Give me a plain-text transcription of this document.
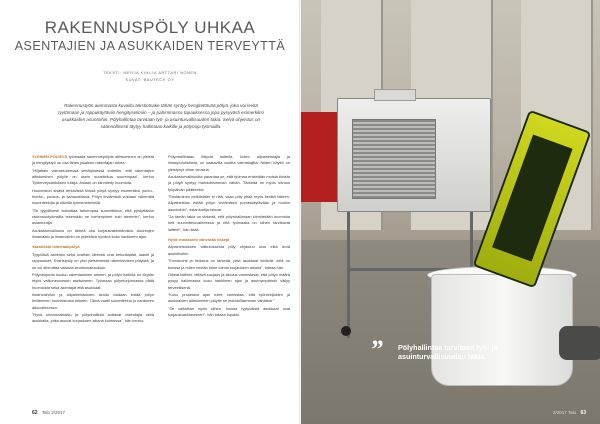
RAKENNUSPÖLY UHKAA
ASENTAJIEN JA ASUKKAIDEN TERVEYTTÄ
TEKSTI: MERJA KIHLJA ARTTARI NONEN
KUVAT: BAUTECH OY
Rakennustyön aiemmasta kuvailtu tekstiotsake tähän syntyy hengitettävää pölyä, joka voi levitä tyytömaan ja rappukäytäviin hengityselimiin – ja pahimmassa tapauksessa jopa pysyvästi esimerkiksi asukkaiden asuntoihin. Pölyhallintaa tarvitaan työ- ja asuinturvallisuuden takia. Selvä ohjeistus on säännöllisesti täytyy hallintaan kaikille ja pölynoja työmailla.

YLEINEN PÖLIEVÄ työmaalla rakennuspölylle altistuminen on yleistä ja hengitystyö on osa lähes jokaisen rakentajan arkea.

"Hiljattain valmistuneessa selvityksessä todettiin, että rakentajien altistuminen pölylle on usein suositeltua suurempaa", kertoo Työterveyslaitoksen tutkija. Asiaan on kiinnitetty huomiota.

Huoneiston sisällä tehtävissä töissä pölyä syntyy esimerkiksi purku-, hionta-, poraus- ja sahaustöissä. Pölyn leviämistä voidaan vähentää suunnittelulla ja oikeilla työmenetelmillä.

"Se tyypillisesti tarkoittaa tarkempaa suunnittelua, että pystyttäisiin rakennustyömailla tekemään ne toimenpiteet kuin aiemmin", kertoo asiantuntija.

Asukasturvallisuus on tärkeä osa korjausrakentamista. Asuntojen ilmanlaatu ja ilmanvaihto on pidettävä hyvänä koko hankkeen ajan.

Vaarallista mineraalipölyä

Tyypillisiä asbestin sekä kvartsin lähteitä ovat betonilaatat, laastit ja rappaukset. Kvartsipöly on yksi yleisimmistä rakentamisen pölyistä, ja se voi aiheuttaa vakavia keuhkosairauksia.

Pölyntorjunta kuuluu rakentamisen arkeen, ja pölyn hallinta on kirjattu myös valtioneuvoston asetukseen. Työmaan pölyntorjunnassa pitää huomioida sekä asentajat että asukkaat.

Ilmanvaihdon ja alipaineistuksen avulla voidaan estää pölyn leviäminen huoneistosta toiseen. Tämä vaatii suunnittelua jo hankkeen alkuvaiheessa.

"Hyvä siivousratkaisu ja pölynhallinta auttavat rakentajia sekä asukkaita, jotka asuvat korjauksen aikana kohteissa", hän kertoo.

Pölynhallintaan liittyviä laitteita, kuten alipaineistajia ja ilmanpuhdistimia, on saatavilla useilta valmistajilta. Niiden käyttö on yleistynyt viime vuosina.

Asukasturvallisuutta parantaa se, että työmaa eristetään muista tiloista ja pölyä syntyy mahdollisimman vähän. Tärkeää on myös siivous työpäivän päätteeksi.

"Eristäminen pelkästään ei riitä, vaan pöly pitää myös kerätä talteen. Alipaineistus estää pölyn leviämisen porraskäytävään ja muihin asuntoihin", asiantuntija toteaa.

"Ja tämän takia on tärkeää, että pölynhallintaan kiinnitetään huomiota heti suunnitteluvaiheessa ja että työmaalla on siihen tarvittavat laitteet", hän lisää.

Hyvä ennakointi vähentää riskejä

Alipaineistuksen vaikutuksesta pöly ohjautuu ulos eikä leviä asuintiloihin.

"Ennakointi ja tiedotus on tärkeää, jotta asukkaat tietävät, mitä on tulossa ja miten heidän tulee toimia korjauksen aikana", toteaa hän.

Oikeat laitteet, riittävä suojaus ja siivous varmistavat, että pölyn määrä pysyy hallinnassa koko hankkeen ajan ja asuinympäristö säilyy terveellisenä.

"Koko prosessin ajan tulee varmistaa, että työntekijöiden ja asukkaiden altistuminen pölylle on mahdollisimman vähäistä."

"Se vaikuttaa myös siihen, kuinka tyytyväisiä asukkaat ovat korjaushankkeeseen", hän toteaa lopuksi.

62 Talo 2/2017
” Pölyhallintaa tarvitaan työ- ja asuinturvallisuuden takia.
2/2017 Talo 63
